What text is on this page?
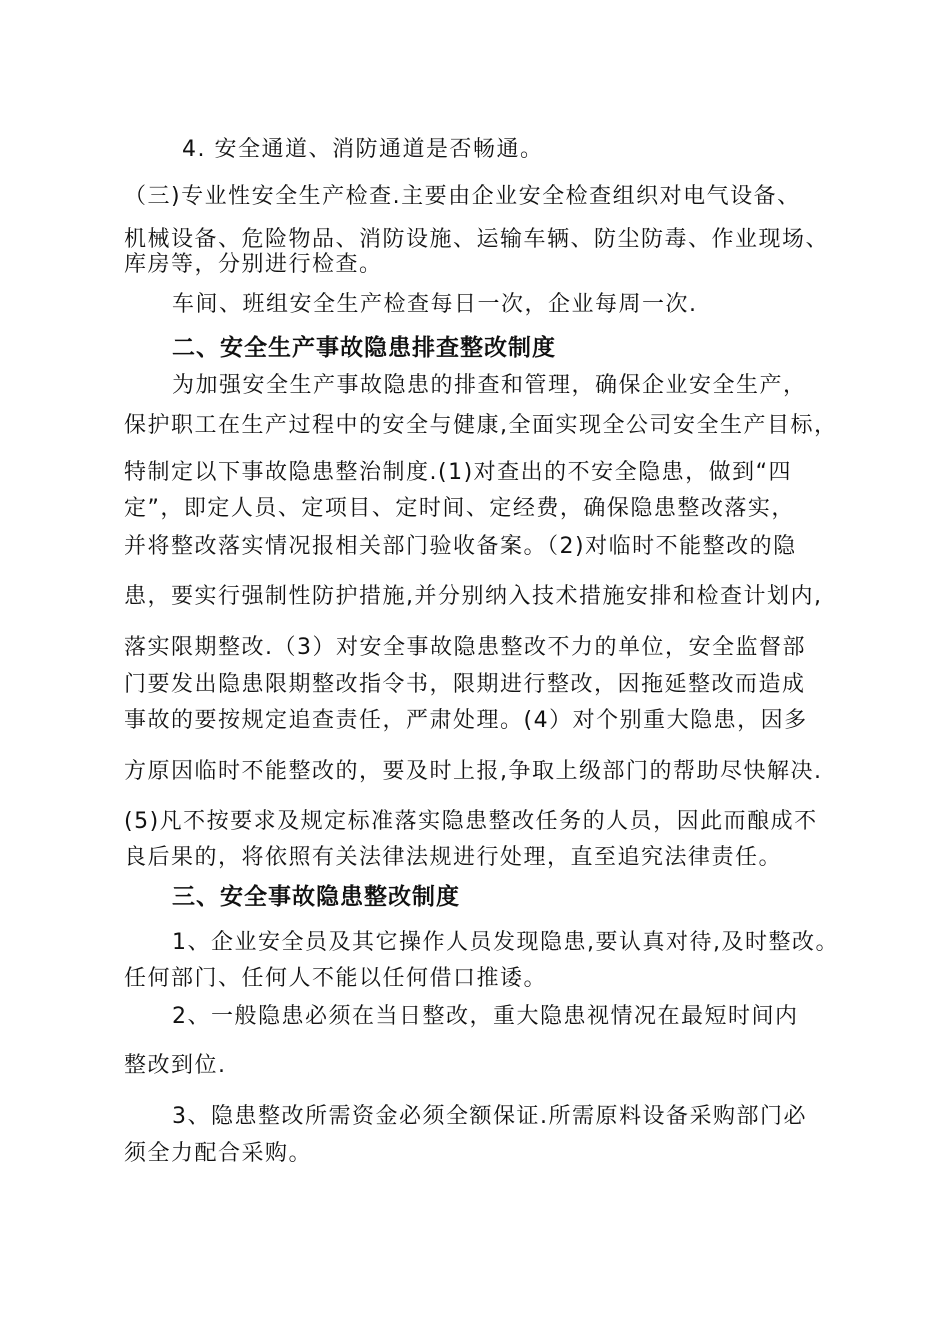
4. 安全通道、消防通道是否畅通。
（三)专业性安全生产检查.主要由企业安全检查组织对电气设备、
机械设备、危险物品、消防设施、运输车辆、防尘防毒、作业现场、
库房等，分别进行检查。
车间、班组安全生产检查每日一次，企业每周一次.
二、安全生产事故隐患排查整改制度
为加强安全生产事故隐患的排查和管理，确保企业安全生产，
保护职工在生产过程中的安全与健康,全面实现全公司安全生产目标，
特制定以下事故隐患整治制度.(1)对查出的不安全隐患，做到“四
定”，即定人员、定项目、定时间、定经费，确保隐患整改落实，
并将整改落实情况报相关部门验收备案。（2)对临时不能整改的隐
患，要实行强制性防护措施,并分别纳入技术措施安排和检查计划内,
落实限期整改.（3）对安全事故隐患整改不力的单位，安全监督部
门要发出隐患限期整改指令书，限期进行整改，因拖延整改而造成
事故的要按规定追查责任，严肃处理。(4）对个别重大隐患，因多
方原因临时不能整改的，要及时上报,争取上级部门的帮助尽快解决.
(5)凡不按要求及规定标准落实隐患整改任务的人员，因此而酿成不
良后果的，将依照有关法律法规进行处理，直至追究法律责任。
三、安全事故隐患整改制度
1、企业安全员及其它操作人员发现隐患,要认真对待,及时整改。
任何部门、任何人不能以任何借口推诿。
2、一般隐患必须在当日整改，重大隐患视情况在最短时间内
整改到位.
3、隐患整改所需资金必须全额保证.所需原料设备采购部门必
须全力配合采购。
